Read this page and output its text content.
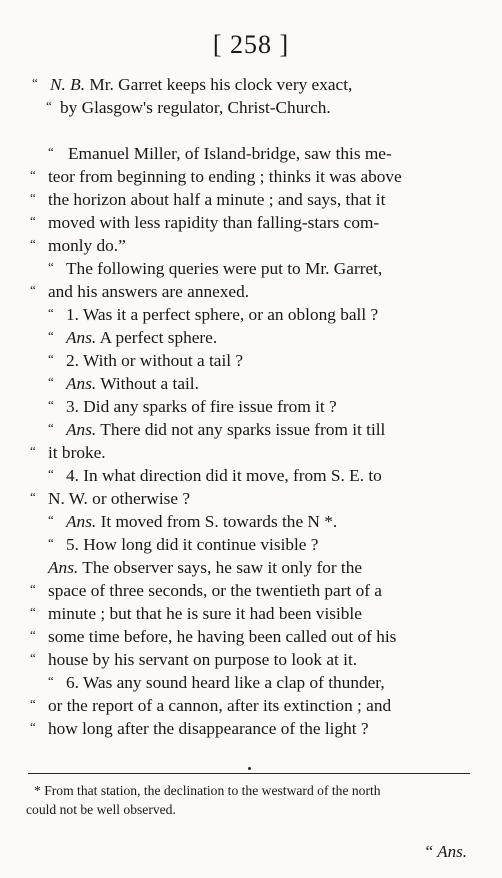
[ 258 ]
“ N. B. Mr. Garret keeps his clock very exact,
“ by Glasgow's regulator, Christ-Church.
“ Emanuel Miller, of Island-bridge, saw this me-
“ teor from beginning to ending ; thinks it was above
“ the horizon about half a minute ; and says, that it
“ moved with less rapidity than falling-stars com-
“ monly do.”
“ The following queries were put to Mr. Garret,
“ and his answers are annexed.
“ 1. Was it a perfect sphere, or an oblong ball ?
“ Ans. A perfect sphere.
“ 2. With or without a tail ?
“ Ans. Without a tail.
“ 3. Did any sparks of fire issue from it ?
“ Ans. There did not any sparks issue from it till
“ it broke.
“ 4. In what direction did it move, from S. E. to
“ N. W. or otherwise ?
“ Ans. It moved from S. towards the N *.
“ 5. How long did it continue visible ?
Ans. The observer says, he saw it only for the
“ space of three seconds, or the twentieth part of a
“ minute ; but that he is sure it had been visible
“ some time before, he having been called out of his
“ house by his servant on purpose to look at it.
“ 6. Was any sound heard like a clap of thunder,
“ or the report of a cannon, after its extinction ; and
“ how long after the disappearance of the light ?
* From that station, the declination to the westward of the north
could not be well observed.
“ Ans.
